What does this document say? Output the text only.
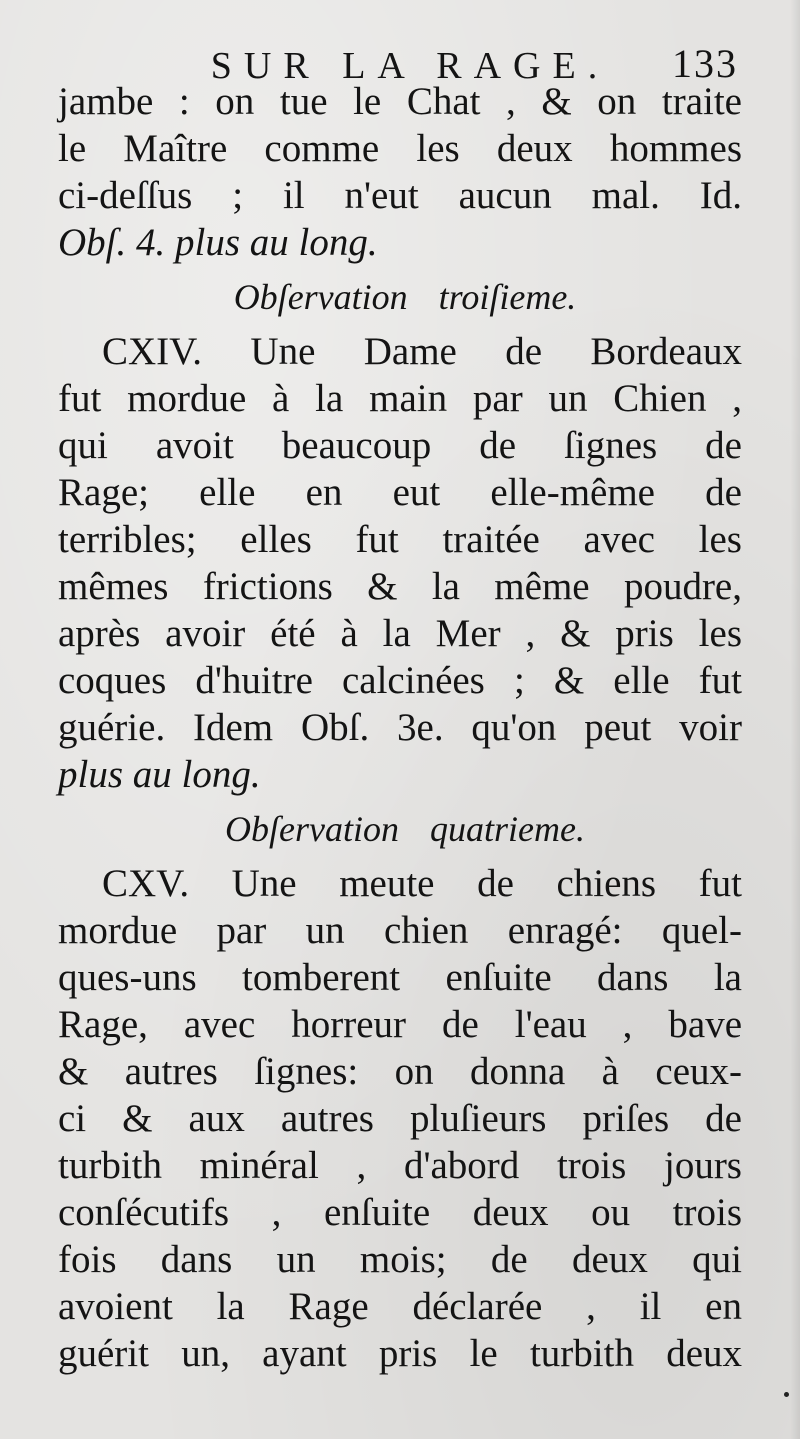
SUR LA RAGE.	133
jambe : on tue le Chat , & on traite
le Maître comme les deux hommes
ci-deſſus ; il n'eut aucun mal. Id.
Obſ. 4. plus au long.
Obſervation troiſieme.
CXIV. Une Dame de Bordeaux
fut mordue à la main par un Chien ,
qui avoit beaucoup de ſignes de
Rage; elle en eut elle-même de
terribles; elles fut traitée avec les
mêmes frictions & la même poudre,
après avoir été à la Mer , & pris les
coques d'huitre calcinées ; & elle fut
guérie. Idem Obſ. 3e. qu'on peut voir
plus au long.
Obſervation quatrieme.
CXV. Une meute de chiens fut
mordue par un chien enragé: quel-
ques-uns tomberent enſuite dans la
Rage, avec horreur de l'eau , bave
& autres ſignes: on donna à ceux-
ci & aux autres pluſieurs priſes de
turbith minéral , d'abord trois jours
conſécutifs , enſuite deux ou trois
fois dans un mois; de deux qui
avoient la Rage déclarée , il en
guérit un, ayant pris le turbith deux
